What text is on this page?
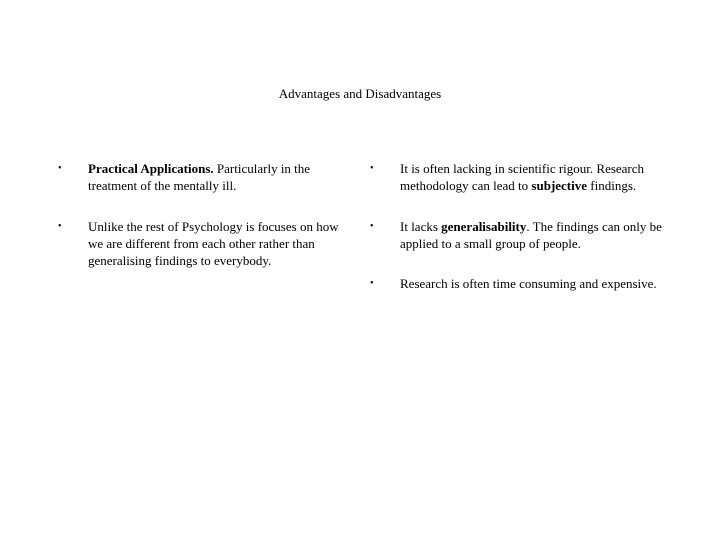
Advantages and Disadvantages
• Practical Applications. Particularly in the treatment of the mentally ill.
• Unlike the rest of Psychology is focuses on how we are different from each other rather than generalising findings to everybody.
• It is often lacking in scientific rigour. Research methodology can lead to subjective findings.
• It lacks generalisability. The findings can only be applied to a small group of people.
• Research is often time consuming and expensive.
